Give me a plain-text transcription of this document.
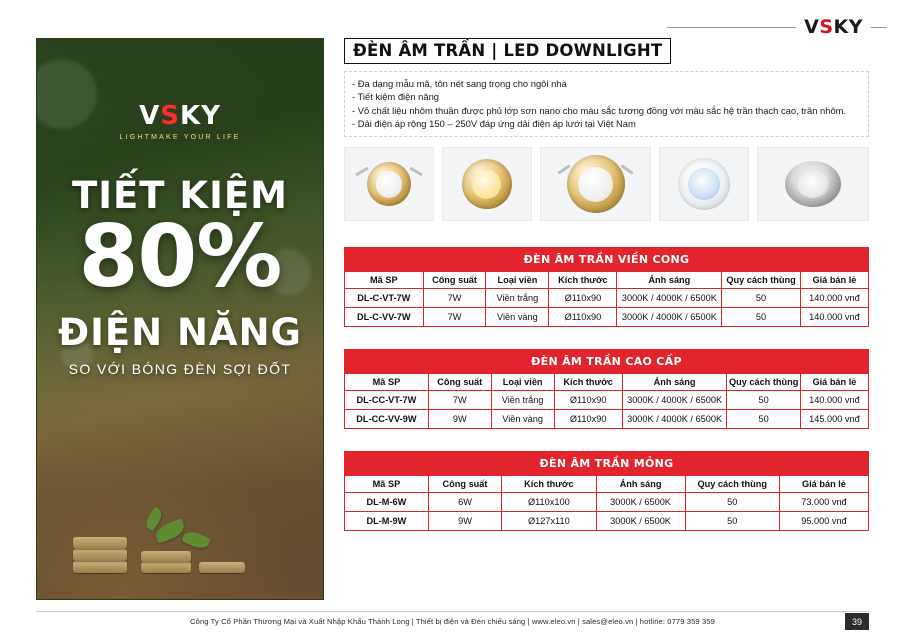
V S KY
VSKY
LIGHTMAKE YOUR LIFE
TIẾT KIỆM
80%
ĐIỆN NĂNG
SO VỚI BÓNG ĐÈN SỢI ĐỐT
ĐÈN ÂM TRẦN | LED DOWNLIGHT
- Đa dạng mẫu mã, tôn nét sang trọng cho ngôi nhà
- Tiết kiệm điện năng
- Vỏ chất liệu nhôm thuần được phủ lớp sơn nano cho màu sắc tương đồng với màu sắc hệ trần thạch cao, trần nhôm.
- Dải điện áp rộng 150 – 250V đáp ứng dải điện áp lưới tại Việt Nam
ĐÈN ÂM TRẦN VIỀN CONG						
Mã SP	Công suất	Loại viền	Kích thước	Ánh sáng	Quy cách thùng	Giá bán lẻ
DL-C-VT-7W	7W	Viền trắng	Ø110x90	3000K / 4000K / 6500K	50	140.000 vnđ
DL-C-VV-7W	7W	Viền vàng	Ø110x90	3000K / 4000K / 6500K	50	140.000 vnđ
ĐÈN ÂM TRẦN CAO CẤP						
Mã SP	Công suất	Loại viền	Kích thước	Ánh sáng	Quy cách thùng	Giá bán lẻ
DL-CC-VT-7W	7W	Viền trắng	Ø110x90	3000K / 4000K / 6500K	50	140.000 vnđ
DL-CC-VV-9W	9W	Viền vàng	Ø110x90	3000K / 4000K / 6500K	50	145.000 vnđ
ĐÈN ÂM TRẦN MỎNG					
Mã SP	Công suất	Kích thước	Ánh sáng	Quy cách thùng	Giá bán lẻ
DL-M-6W	6W	Ø110x100	3000K / 6500K	50	73.000 vnđ
DL-M-9W	9W	Ø127x110	3000K / 6500K	50	95.000 vnđ
Công Ty Cổ Phần Thương Mại và Xuất Nhập Khẩu Thành Long | Thiết bị điện và Đèn chiếu sáng | www.eleo.vn | sales@eleo.vn | hotline: 0779 359 359	39
